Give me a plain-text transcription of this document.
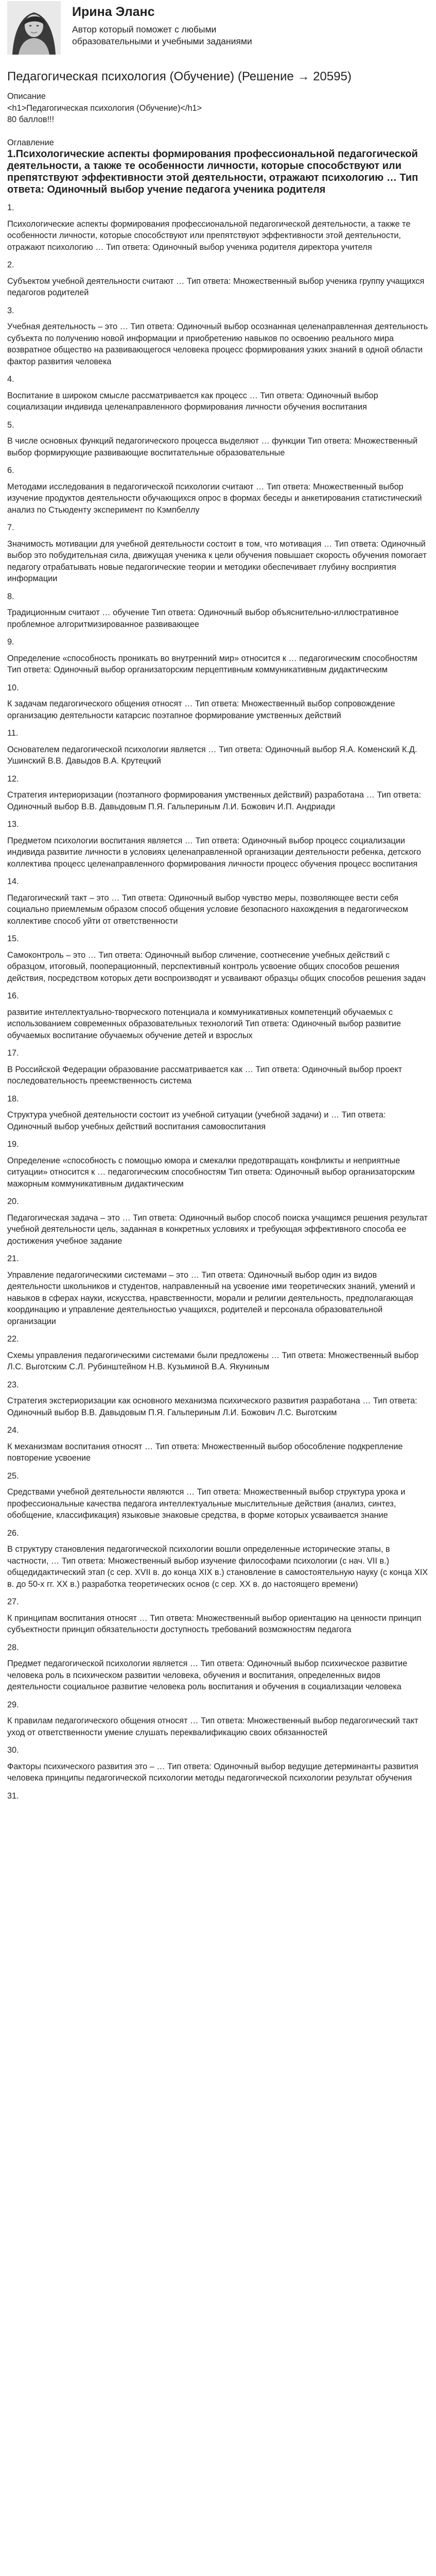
Ирина Эланс
Автор который поможет с любыми образовательными и учебными заданиями
Педагогическая психология (Обучение) (Решение → 20595)

Описание

<h1>Педагогическая психология (Обучение)</h1>

80 баллов!!!

Оглавление

1.Психологические аспекты формирования профессиональной педагогической деятельности, а также те особенности личности, которые способствуют или препятствуют эффективности этой деятельности, отражают психологию … Тип ответа: Одиночный выбор учение педагога ученика родителя
1.
Психологические аспекты формирования профессиональной педагогической деятельности, а также те особенности личности, которые способствуют или препятствуют эффективности этой деятельности, отражают психологию … Тип ответа: Одиночный выбор ученика родителя директора учителя
2.
Субъектом учебной деятельности считают … Тип ответа: Множественный выбор ученика группу учащихся педагогов родителей
3.
Учебная деятельность – это … Тип ответа: Одиночный выбор осознанная целенаправленная деятельность субъекта по получению новой информации и приобретению навыков по освоению реального мира возвратное общество на развивающегося человека процесс формирования узких знаний в одной области фактор развития человека
4.
Воспитание в широком смысле рассматривается как процесс … Тип ответа: Одиночный выбор социализации индивида целенаправленного формирования личности обучения воспитания
5.
В числе основных функций педагогического процесса выделяют … функции Тип ответа: Множественный выбор формирующие развивающие воспитательные образовательные
6.
Методами исследования в педагогической психологии считают … Тип ответа: Множественный выбор изучение продуктов деятельности обучающихся опрос в формах беседы и анкетирования статистический анализ по Стьюденту эксперимент по Кэмпбеллу
7.
Значимость мотивации для учебной деятельности состоит в том, что мотивация … Тип ответа: Одиночный выбор это побудительная сила, движущая ученика к цели обучения повышает скорость обучения помогает педагогу отрабатывать новые педагогические теории и методики обеспечивает глубину восприятия информации
8.
Традиционным считают … обучение Тип ответа: Одиночный выбор объяснительно-иллюстративное проблемное алгоритмизированное развивающее
9.
Определение «способность проникать во внутренний мир» относится к … педагогическим способностям Тип ответа: Одиночный выбор организаторским перцептивным коммуникативным дидактическим
10.
К задачам педагогического общения относят … Тип ответа: Множественный выбор сопровождение организацию деятельности катарсис поэтапное формирование умственных действий
11.
Основателем педагогической психологии является … Тип ответа: Одиночный выбор Я.А. Коменский К.Д. Ушинский В.В. Давыдов В.А. Крутецкий
12.
Стратегия интериоризации (поэтапного формирования умственных действий) разработана … Тип ответа: Одиночный выбор В.В. Давыдовым П.Я. Гальпериным Л.И. Божович И.П. Андриади
13.
Предметом психологии воспитания является … Тип ответа: Одиночный выбор процесс социализации индивида развитие личности в условиях целенаправленной организации деятельности ребенка, детского коллектива процесс целенаправленного формирования личности процесс обучения процесс воспитания
14.
Педагогический такт – это … Тип ответа: Одиночный выбор чувство меры, позволяющее вести себя социально приемлемым образом способ общения условие безопасного нахождения в педагогическом коллективе способ уйти от ответственности
15.
Самоконтроль – это … Тип ответа: Одиночный выбор сличение, соотнесение учебных действий с образцом, итоговый, пооперационный, перспективный контроль усвоение общих способов решения действия, посредством которых дети воспроизводят и усваивают образцы общих способов решения задач
16.
развитие интеллектуально-творческого потенциала и коммуникативных компетенций обучаемых с использованием современных образовательных технологий Тип ответа: Одиночный выбор развитие обучаемых воспитание обучаемых обучение детей и взрослых
17.
В Российской Федерации образование рассматривается как … Тип ответа: Одиночный выбор проект последовательность преемственность система
18.
Структура учебной деятельности состоит из учебной ситуации (учебной задачи) и … Тип ответа: Одиночный выбор учебных действий воспитания самовоспитания
19.
Определение «способность с помощью юмора и смекалки предотвращать конфликты и неприятные ситуации» относится к … педагогическим способностям Тип ответа: Одиночный выбор организаторским мажорным коммуникативным дидактическим
20.
Педагогическая задача – это … Тип ответа: Одиночный выбор способ поиска учащимся решения результат учебной деятельности цель, заданная в конкретных условиях и требующая эффективного способа ее достижения учебное задание
21.
Управление педагогическими системами – это … Тип ответа: Одиночный выбор один из видов деятельности школьников и студентов, направленный на усвоение ими теоретических знаний, умений и навыков в сферах науки, искусства, нравственности, морали и религии деятельность, предполагающая координацию и управление деятельностью учащихся, родителей и персонала образовательной организации
22.
Схемы управления педагогическими системами были предложены … Тип ответа: Множественный выбор Л.С. Выготским С.Л. Рубинштейном Н.В. Кузьминой В.А. Якуниным
23.
Стратегия экстериоризации как основного механизма психического развития разработана … Тип ответа: Одиночный выбор В.В. Давыдовым П.Я. Гальпериным Л.И. Божович Л.С. Выготским
24.
К механизмам воспитания относят … Тип ответа: Множественный выбор обособление подкрепление повторение усвоение
25.
Средствами учебной деятельности являются … Тип ответа: Множественный выбор структура урока и профессиональные качества педагога интеллектуальные мыслительные действия (анализ, синтез, обобщение, классификация) языковые знаковые средства, в форме которых усваивается знание
26.
В структуру становления педагогической психологии вошли определенные исторические этапы, в частности, … Тип ответа: Множественный выбор изучение философами психологии (с нач. VII в.) общедидактический этап (с сер. XVII в. до конца XIX в.) становление в самостоятельную науку (с конца XIX в. до 50-х гг. XX в.) разработка теоретических основ (с сер. XX в. до настоящего времени)
27.
К принципам воспитания относят … Тип ответа: Множественный выбор ориентацию на ценности принцип субъектности принцип обязательности доступность требований возможностям педагога
28.
Предмет педагогической психологии является … Тип ответа: Одиночный выбор психическое развитие человека роль в психическом развитии человека, обучения и воспитания, определенных видов деятельности социальное развитие человека роль воспитания и обучения в социализации человека
29.
К правилам педагогического общения относят … Тип ответа: Множественный выбор педагогический такт уход от ответственности умение слушать переквалификацию своих обязанностей
30.
Факторы психического развития это – … Тип ответа: Одиночный выбор ведущие детерминанты развития человека принципы педагогической психологии методы педагогической психологии результат обучения
31.
